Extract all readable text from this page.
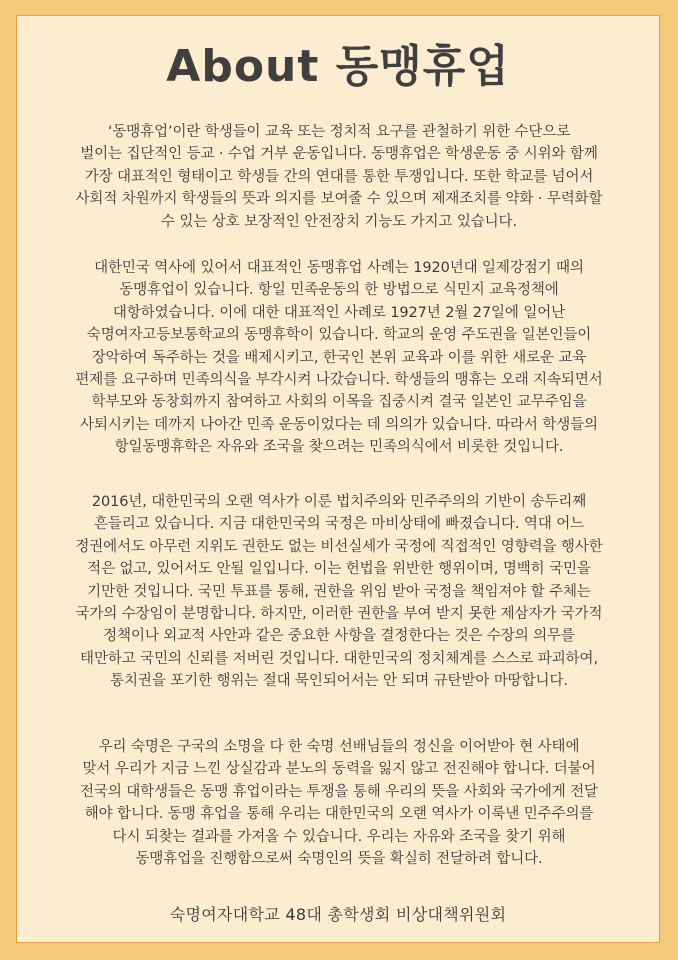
About 동맹휴업
‘동맹휴업’이란 학생들이 교육 또는 정치적 요구를 관철하기 위한 수단으로
벌이는 집단적인 등교 · 수업 거부 운동입니다. 동맹휴업은 학생운동 중 시위와 함께
가장 대표적인 형태이고 학생들 간의 연대를 통한 투쟁입니다. 또한 학교를 넘어서
사회적 차원까지 학생들의 뜻과 의지를 보여줄 수 있으며 제재조치를 약화 · 무력화할
수 있는 상호 보장적인 안전장치 기능도 가지고 있습니다.
대한민국 역사에 있어서 대표적인 동맹휴업 사례는 1920년대 일제강점기 때의
동맹휴업이 있습니다. 항일 민족운동의 한 방법으로 식민지 교육정책에
대항하였습니다. 이에 대한 대표적인 사례로 1927년 2월 27일에 일어난
숙명여자고등보통학교의 동맹휴학이 있습니다. 학교의 운영 주도권을 일본인들이
장악하여 독주하는 것을 배제시키고, 한국인 본위 교육과 이를 위한 새로운 교육
편제를 요구하며 민족의식을 부각시켜 나갔습니다. 학생들의 맹휴는 오래 지속되면서
학부모와 동창회까지 참여하고 사회의 이목을 집중시켜 결국 일본인 교무주임을
사퇴시키는 데까지 나아간 민족 운동이었다는 데 의의가 있습니다. 따라서 학생들의
항일동맹휴학은 자유와 조국을 찾으려는 민족의식에서 비롯한 것입니다.
2016년, 대한민국의 오랜 역사가 이룬 법치주의와 민주주의의 기반이 송두리째
흔들리고 있습니다. 지금 대한민국의 국정은 마비상태에 빠졌습니다. 역대 어느
정권에서도 아무런 지위도 권한도 없는 비선실세가 국정에 직접적인 영향력을 행사한
적은 없고, 있어서도 안될 일입니다. 이는 헌법을 위반한 행위이며, 명백히 국민을
기만한 것입니다. 국민 투표를 통해, 권한을 위임 받아 국정을 책임져야 할 주체는
국가의 수장임이 분명합니다. 하지만, 이러한 권한을 부여 받지 못한 제삼자가 국가적
정책이나 외교적 사안과 같은 중요한 사항을 결정한다는 것은 수장의 의무를
태만하고 국민의 신뢰를 저버린 것입니다. 대한민국의 정치체계를 스스로 파괴하여,
통치권을 포기한 행위는 절대 묵인되어서는 안 되며 규탄받아 마땅합니다.
우리 숙명은 구국의 소명을 다 한 숙명 선배님들의 정신을 이어받아 현 사태에
맞서 우리가 지금 느낀 상실감과 분노의 동력을 잃지 않고 전진해야 합니다. 더불어
전국의 대학생들은 동맹 휴업이라는 투쟁을 통해 우리의 뜻을 사회와 국가에게 전달
해야 합니다. 동맹 휴업을 통해 우리는 대한민국의 오랜 역사가 이룩낸 민주주의를
다시 되찾는 결과를 가져올 수 있습니다. 우리는 자유와 조국을 찾기 위해
동맹휴업을 진행함으로써 숙명인의 뜻을 확실히 전달하려 합니다.
숙명여자대학교 48대 총학생회 비상대책위원회
